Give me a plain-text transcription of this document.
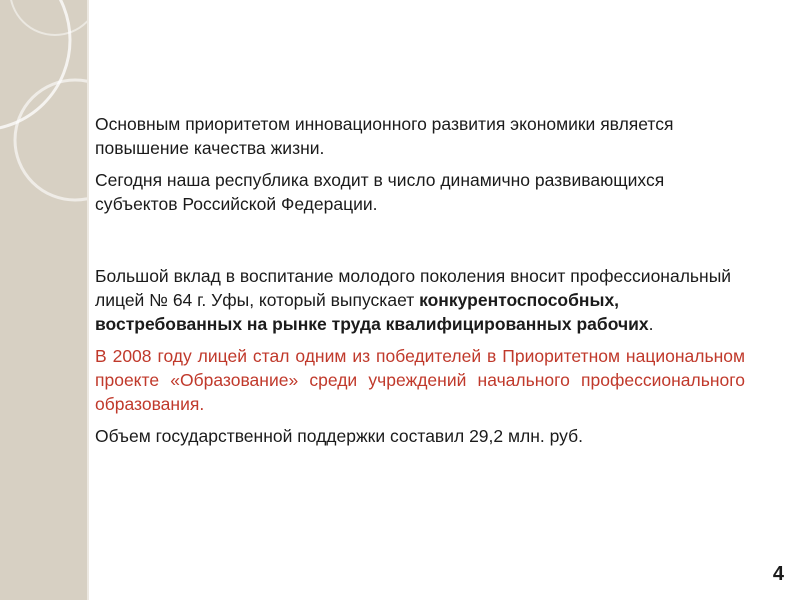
Основным приоритетом инновационного развития экономики является повышение качества жизни.

Сегодня наша республика входит в число динамично развивающихся субъектов Российской Федерации.

Большой вклад в воспитание молодого поколения вносит профессиональный лицей № 64 г. Уфы, который выпускает конкурентоспособных, востребованных на рынке труда квалифицированных рабочих.

В 2008 году лицей стал одним из победителей в Приоритетном национальном проекте «Образование» среди учреждений начального профессионального образования.

Объем государственной поддержки составил 29,2 млн. руб.

4
